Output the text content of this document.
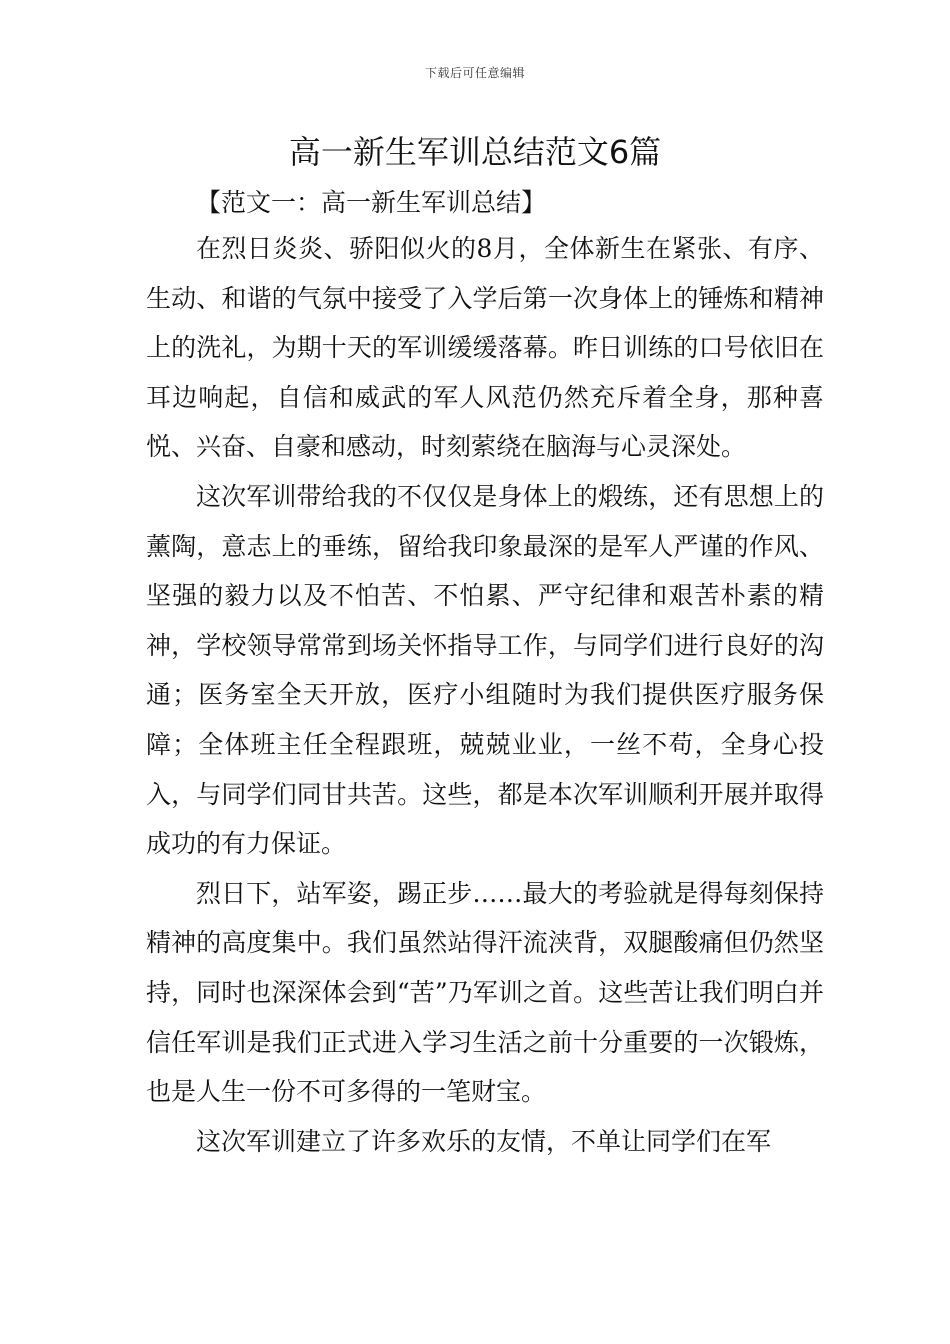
下载后可任意编辑
高一新生军训总结范文6篇

【范文一：高一新生军训总结】

在烈日炎炎、骄阳似火的8月，全体新生在紧张、有序、生动、和谐的气氛中接受了入学后第一次身体上的锤炼和精神上的洗礼，为期十天的军训缓缓落幕。昨日训练的口号依旧在耳边响起，自信和威武的军人风范仍然充斥着全身，那种喜悦、兴奋、自豪和感动，时刻萦绕在脑海与心灵深处。

这次军训带给我的不仅仅是身体上的煅练，还有思想上的薰陶，意志上的垂练，留给我印象最深的是军人严谨的作风、坚强的毅力以及不怕苦、不怕累、严守纪律和艰苦朴素的精神，学校领导常常到场关怀指导工作，与同学们进行良好的沟通；医务室全天开放，医疗小组随时为我们提供医疗服务保障；全体班主任全程跟班，兢兢业业，一丝不苟，全身心投入，与同学们同甘共苦。这些，都是本次军训顺利开展并取得成功的有力保证。

烈日下，站军姿，踢正步……最大的考验就是得每刻保持精神的高度集中。我们虽然站得汗流浃背，双腿酸痛但仍然坚持，同时也深深体会到“苦”乃军训之首。这些苦让我们明白并信任军训是我们正式进入学习生活之前十分重要的一次锻炼，也是人生一份不可多得的一笔财宝。

这次军训建立了许多欢乐的友情，不单让同学们在军
